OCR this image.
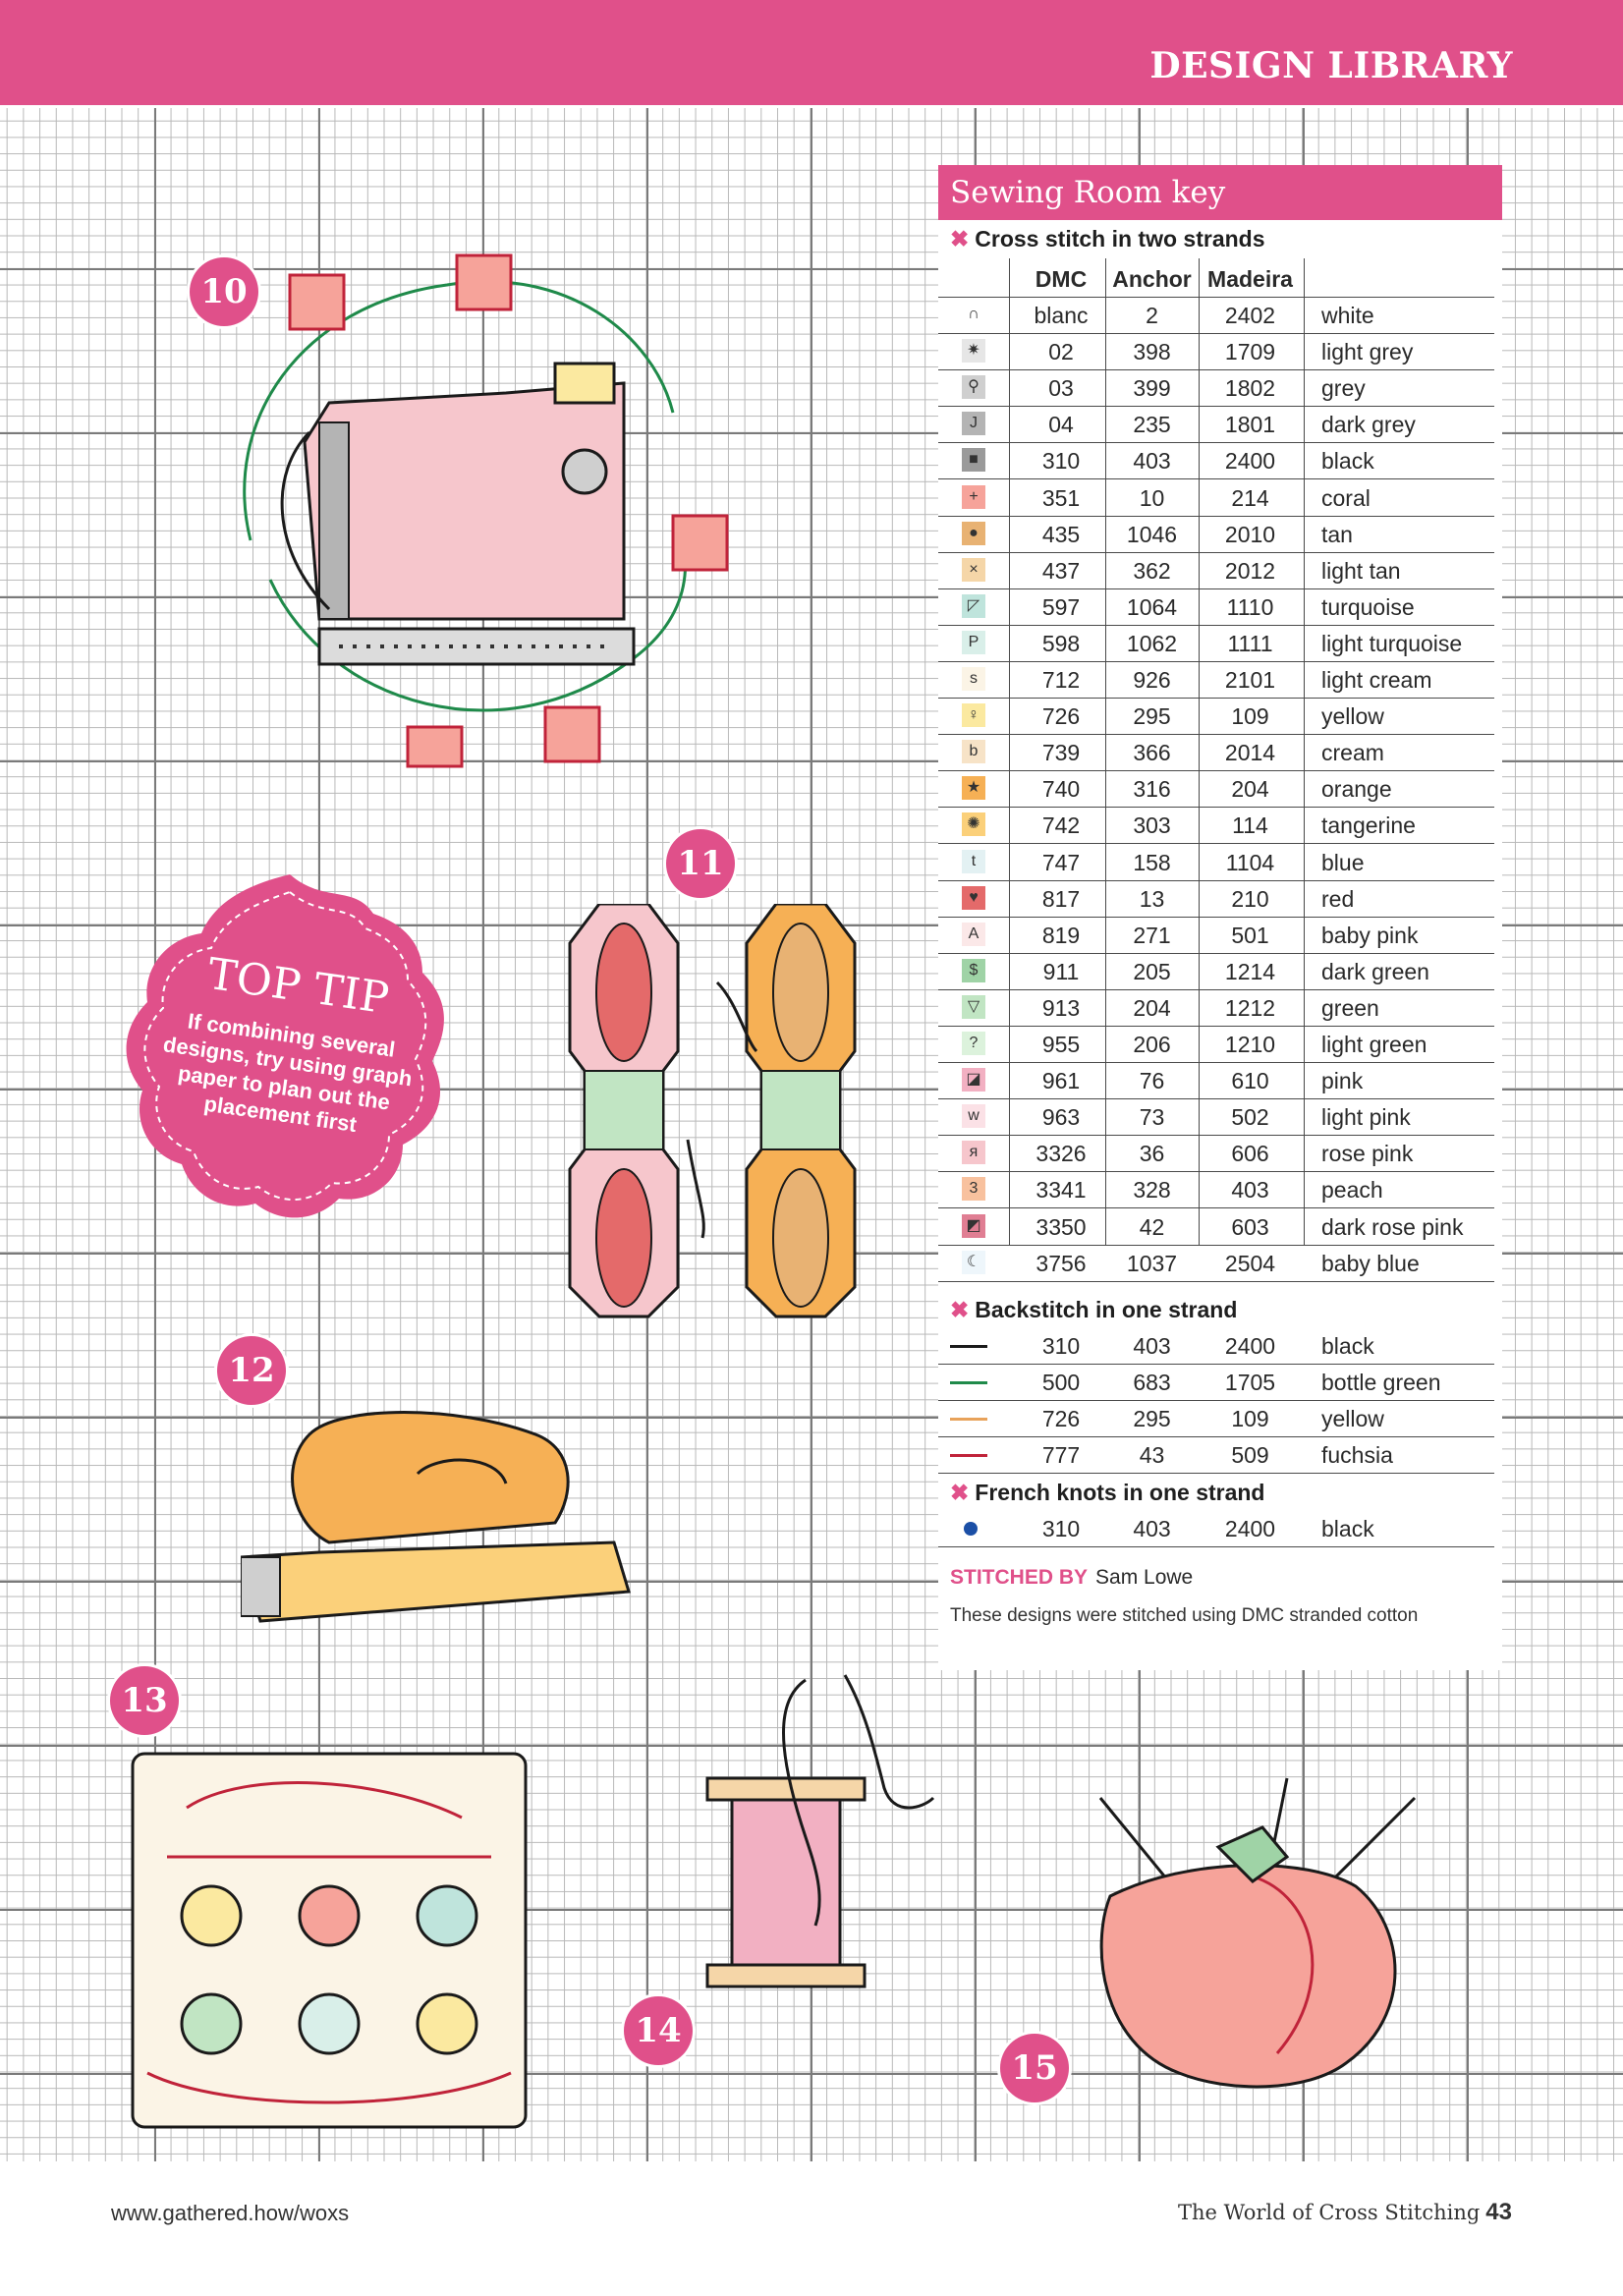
DESIGN LIBRARY
10
11
TOP TIP
If combining several designs, try using graph paper to plan out the placement first
12
13
14
15
Sewing Room key
✖ Cross stitch in two strands
DMC	Anchor Madeira
∩	blanc	2	2402	white
✷	02	398	1709	light grey
⚲	03	399	1802	grey
J	04	235	1801	dark grey
■	310	403	2400	black
+	351	10	214	coral
●	435	1046	2010	tan
×	437	362	2012	light tan
◸	597	1064	1110	turquoise
P	598	1062	1111	light turquoise
s	712	926	2101	light cream
♀	726	295	109	yellow
b	739	366	2014	cream
★	740	316	204	orange
✺	742	303	114	tangerine
t	747	158	1104	blue
♥	817	13	210	red
A	819	271	501	baby pink
$	911	205	1214	dark green
▽	913	204	1212	green
?	955	206	1210	light green
◪	961	76	610	pink
w	963	73	502	light pink
я	3326	36	606	rose pink
3	3341	328	403	peach
◩	3350	42	603	dark rose pink
☾	3756	1037	2504	baby blue
✖ Backstitch in one strand
310	403	2400	black
500	683	1705	bottle green
726	295	109	yellow
777	43	509	fuchsia
✖ French knots in one strand
310	403	2400	black
STITCHED BY Sam Lowe
These designs were stitched using DMC stranded cotton
www.gathered.how/woxs	The World of Cross Stitching 43
